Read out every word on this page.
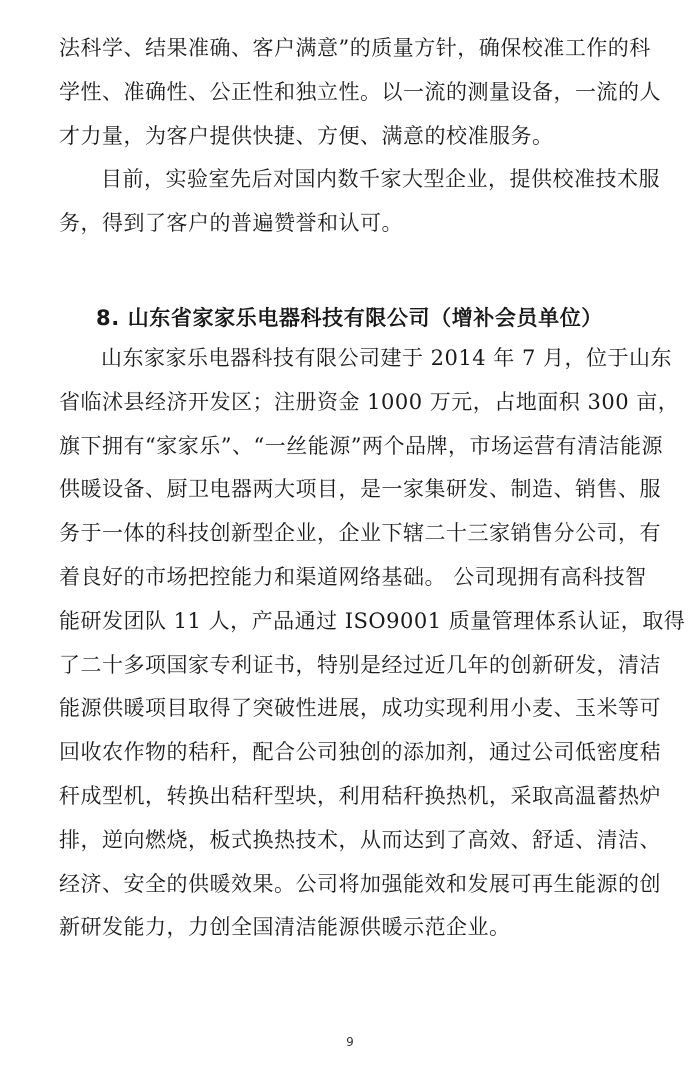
法科学、结果准确、客户满意”的质量方针，确保校准工作的科
学性、准确性、公正性和独立性。以一流的测量设备，一流的人
才力量，为客户提供快捷、方便、满意的校准服务。
目前，实验室先后对国内数千家大型企业，提供校准技术服
务，得到了客户的普遍赞誉和认可。
8. 山东省家家乐电器科技有限公司（增补会员单位）
山东家家乐电器科技有限公司建于 2014 年 7 月，位于山东
省临沭县经济开发区；注册资金 1000 万元，占地面积 300 亩，
旗下拥有“家家乐”、“一丝能源”两个品牌，市场运营有清洁能源
供暖设备、厨卫电器两大项目，是一家集研发、制造、销售、服
务于一体的科技创新型企业，企业下辖二十三家销售分公司，有
着良好的市场把控能力和渠道网络基础。 公司现拥有高科技智
能研发团队 11 人，产品通过 ISO9001 质量管理体系认证，取得
了二十多项国家专利证书，特别是经过近几年的创新研发，清洁
能源供暖项目取得了突破性进展，成功实现利用小麦、玉米等可
回收农作物的秸秆，配合公司独创的添加剂，通过公司低密度秸
秆成型机，转换出秸秆型块，利用秸秆换热机，采取高温蓄热炉
排，逆向燃烧，板式换热技术，从而达到了高效、舒适、清洁、
经济、安全的供暖效果。公司将加强能效和发展可再生能源的创
新研发能力，力创全国清洁能源供暖示范企业。
9
